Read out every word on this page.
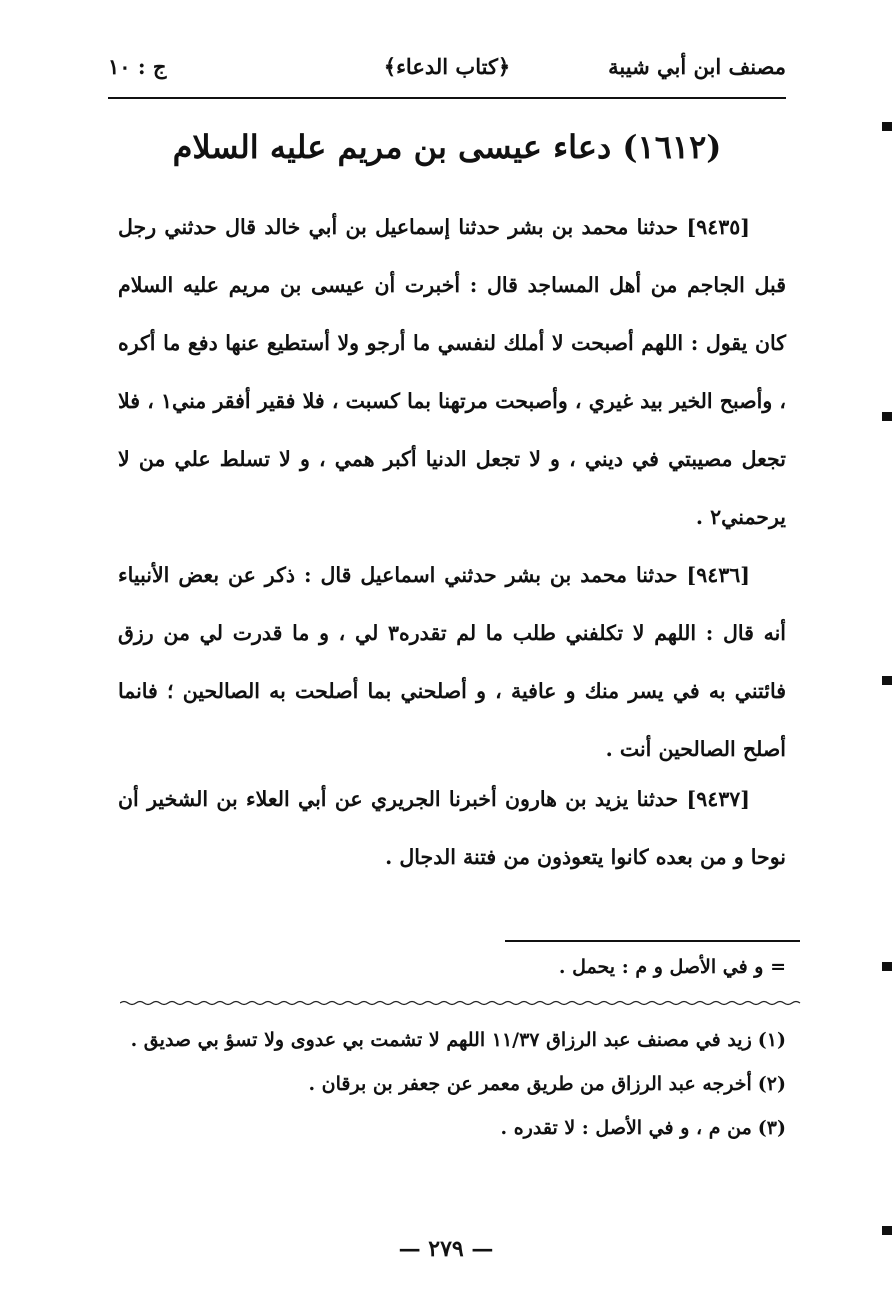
مصنف ابن أبي شيبة
﴿كتاب الدعاء﴾
ج : ١٠
(١٦١٢) دعاء عيسى بن مريم عليه السلام

[٩٤٣٥] حدثنا محمد بن بشر حدثنا إسماعيل بن أبي خالد قال حدثني رجل قبل الجاجم من أهل المساجد قال : أخبرت أن عيسى بن مريم عليه السلام كان يقول : اللهم أصبحت لا أملك لنفسي ما أرجو ولا أستطيع عنها دفع ما أكره ، وأصبح الخير بيد غيري ، وأصبحت مرتهنا بما كسبت ، فلا فقير أفقر مني١ ، فلا تجعل مصيبتي في ديني ، و لا تجعل الدنيا أكبر همي ، و لا تسلط علي من لا يرحمني٢ .

[٩٤٣٦] حدثنا محمد بن بشر حدثني اسماعيل قال : ذكر عن بعض الأنبياء أنه قال : اللهم لا تكلفني طلب ما لم تقدره٣ لي ، و ما قدرت لي من رزق فائتني به في يسر منك و عافية ، و أصلحني بما أصلحت به الصالحين ؛ فانما أصلح الصالحين أنت .

[٩٤٣٧] حدثنا يزيد بن هارون أخبرنا الجريري عن أبي العلاء بن الشخير أن نوحا و من بعده كانوا يتعوذون من فتنة الدجال .

= و في الأصل و م : يحمل .

(١)زيد في مصنف عبد الرزاق ١١/٣٧ اللهم لا تشمت بي عدوى ولا تسؤ بي صديق .

(٢)أخرجه عبد الرزاق من طريق معمر عن جعفر بن برقان .

(٣)من م ، و في الأصل : لا تقدره .

— ٢٧٩ —
